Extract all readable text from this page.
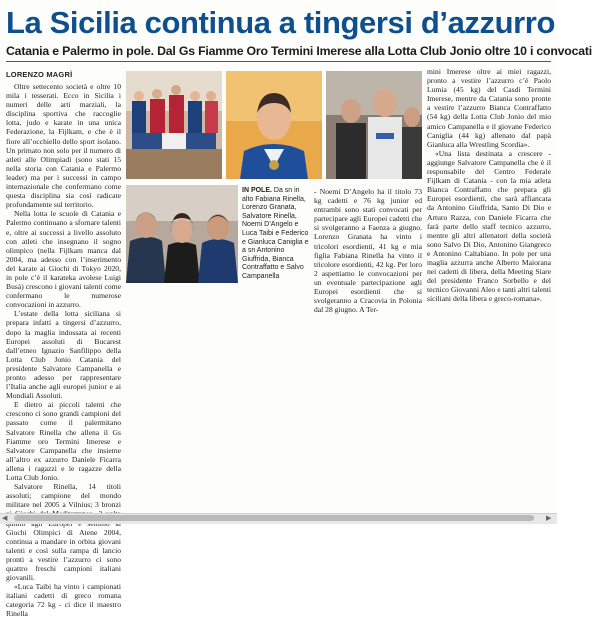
La Sicilia continua a tingersi d’azzurro
Catania e Palermo in pole. Dal Gs Fiamme Oro Termini Imerese alla Lotta Club Jonio oltre 10 i convocati
LORENZO MAGRÌ

Oltre settecento società e oltre 10 mila i tesserati. Ecco in Sicilia i numeri delle arti marziali, la disciplina sportiva che raccoglie lotta, judo e karate in una unica Federazione, la Fijlkam, e che è il fiore all’occhiello dello sport isolano. Un primato non solo per il numero di atleti alle Olimpiadi (sono stati 15 nella storia con Catania e Palermo leader) ma per i successi in campo internazionale che confermano come questa disciplina sia così radicate profondamente sul territorio.

Nella lotta le scuole di Catania e Palermo continuano a sfornare talenti e, oltre ai successi a livello assoluto con atleti che insegnano il sogno olimpico (nella Fijlkam manca dal 2004, ma adesso con l’inserimento del karate ai Giochi di Tokyo 2020, in pole c’è il karateka avolese Luigi Busà) crescono i giovani talenti come confermano le numerose convocazioni in azzurro.

L’estate della lotta siciliana si prepara infatti a tingersi d’azzurro, dopo la maglia indossata ai recenti Europei assoluti di Bucarest dall’etneo Ignazio Sanfilippo della Lotta Club Jonio Catania del presidente Salvatore Campanella e pronto adesso per rappresentare l’Italia anche agli europei junior e ai Mondiali Assoluti.

E dietro ai piccoli talenti che crescono ci sono grandi campioni del passato come il palermitano Salvatore Rinella che allena il Gs Fiamme oro Termini Imerese e Salvatore Campanella che insieme all’altro ex azzurro Daniele Ficarra allena i ragazzi e le ragazze della Lotta Club Jonio.

Salvatore Rinella, 14 titoli assoluti; campione del mondo militare nel 2005 a Vilnius; 3 bronzi Giochi Olimpici di Atene 2004, continua a mandare in orbita giovani talenti e così sulla rampa di lancio pronti a vestire l’azzurro ci sono quattro freschi campioni italiani giovanili.

«Luca Taibi ha vinto i campionati italiani cadetti di greco romana categoria 72 kg - ci dice il maestro Rinella

IN POLE. Da sn in alto Fabiana Rinella, Lorenzo Granata, Salvatore Rinella, Noemi D’Angelo e Luca Taibi e Federico e Gianluca Caniglia e a sn Antonino Giuffrida, Bianca Contraffatto e Salvo Campanella

- Noemi D’Angelo ha il titolo 73 kg cadetti e 76 kg junior ed entrambi sono stati convocati per partecipare agli Europei cadetti che si svolgeranno a Faenza a giugno. Lorenzo Granata ha vinto i tricolori esordienti, 41 kg e mia figlia Fabiana Rinella ha vinto il tricolore esordienti, 42 kg. Per loro 2 aspettiamo le convocazioni per un eventuale partecipazione agli Europei esordienti che si svolgeranno a Cracovia in Polonia dal 28 giugno. A Ter-

mini Imerese oltre ai miei ragazzi, pronto a vestire l’azzurro c’è Paolo Lumia (45 kg) del Casdi Termini Imerese, mentre da Catania sono pronte a vestire l’azzurro Bianca Contraffatto (54 kg) della Lotta Club Jonio del mio amico Campanella e il giovane Federico Caniglia (44 kg) allenato dal papà Gianluca alla Wrestling Scordia».

«Una lista destinata a crescere - aggiunge Salvatore Campanella che è il responsabile del Centro Federale Fijlkam di Catania - con la mia atleta Bianca Contraffatto che prepara gli Europei esordienti, che sarà affiancata da Antonino Giuffrida, Santo Di Dio e Arturo Razza, con Daniele Ficarra che farà parte dello staff tecnico azzurro, mentre gli altri allenatori della società sono Salvo Di Dio, Antonino Giangreco e Antonino Caltabiano. In pole per una maglia azzurra anche Alberto Maiorana nei cadetti di libera, della Meeting Siare del presidente Franco Sorbello e del tecnico Giovanni Aleo e tanti altri talenti siciliani della libera e greco-romana».

◀	▶
